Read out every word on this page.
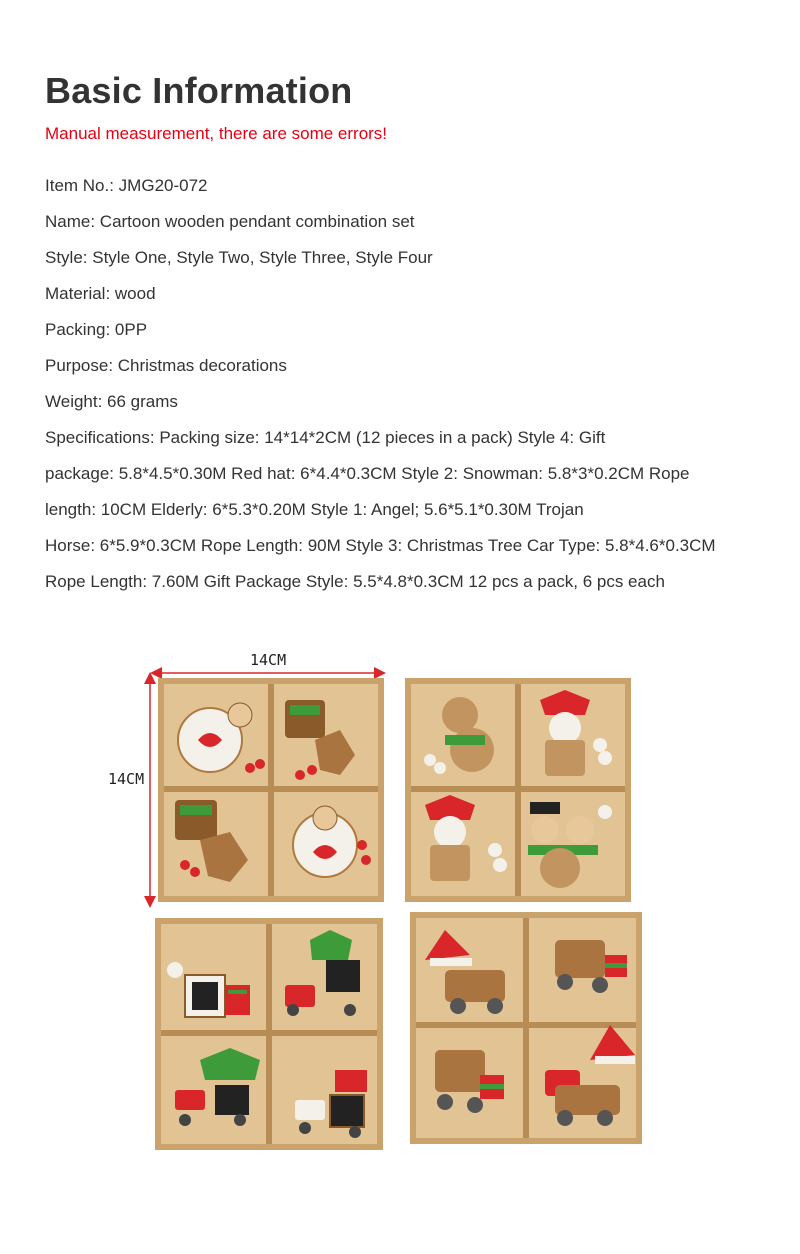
Basic Information
Manual measurement, there are some errors!

Item No.: JMG20-072

Name: Cartoon wooden pendant combination set

Style: Style One, Style Two, Style Three, Style Four

Material: wood

Packing: 0PP

Purpose: Christmas decorations

Weight: 66 grams

Specifications: Packing size: 14*14*2CM (12 pieces in a pack) Style 4: Gift

package: 5.8*4.5*0.30M Red hat: 6*4.4*0.3CM Style 2: Snowman: 5.8*3*0.2CM Rope

length: 10CM Elderly: 6*5.3*0.20M Style 1: Angel; 5.6*5.1*0.30M Trojan

Horse: 6*5.9*0.3CM Rope Length: 90M Style 3: Christmas Tree Car Type: 5.8*4.6*0.3CM

Rope Length: 7.60M Gift Package Style: 5.5*4.8*0.3CM 12 pcs a pack, 6 pcs each

14CM
14CM
